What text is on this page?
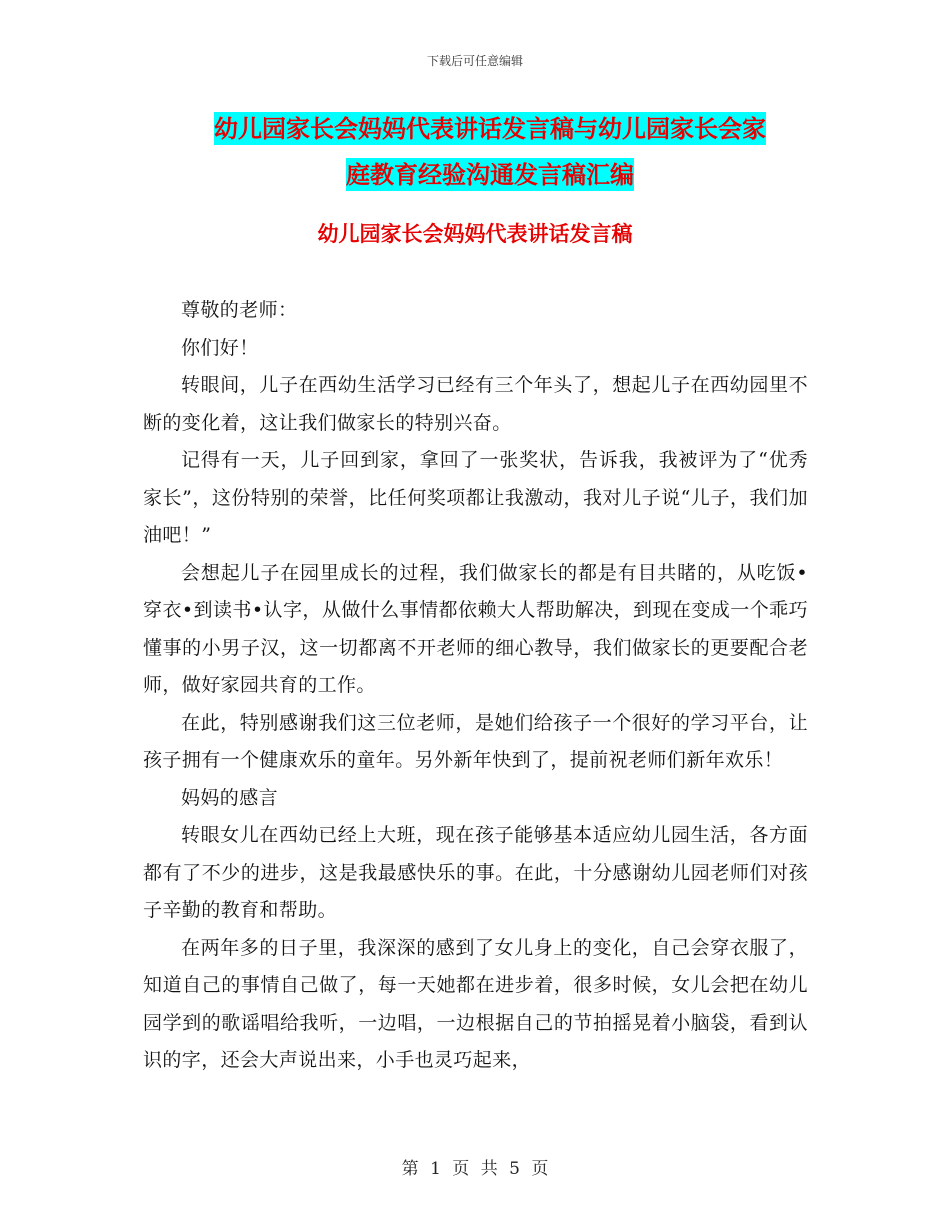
下载后可任意编辑
幼儿园家长会妈妈代表讲话发言稿与幼儿园家长会家
庭教育经验沟通发言稿汇编
幼儿园家长会妈妈代表讲话发言稿

尊敬的老师：

你们好！

转眼间，儿子在西幼生活学习已经有三个年头了，想起儿子在西幼园里不断的变化着，这让我们做家长的特别兴奋。

记得有一天，儿子回到家，拿回了一张奖状，告诉我，我被评为了“优秀家长”，这份特别的荣誉，比任何奖项都让我激动，我对儿子说“儿子，我们加油吧！”

会想起儿子在园里成长的过程，我们做家长的都是有目共睹的，从吃饭•穿衣•到读书•认字，从做什么事情都依赖大人帮助解决，到现在变成一个乖巧懂事的小男子汉，这一切都离不开老师的细心教导，我们做家长的更要配合老师，做好家园共育的工作。

在此，特别感谢我们这三位老师，是她们给孩子一个很好的学习平台，让孩子拥有一个健康欢乐的童年。另外新年快到了，提前祝老师们新年欢乐！

妈妈的感言

转眼女儿在西幼已经上大班，现在孩子能够基本适应幼儿园生活，各方面都有了不少的进步，这是我最感快乐的事。在此，十分感谢幼儿园老师们对孩子辛勤的教育和帮助。

在两年多的日子里，我深深的感到了女儿身上的变化，自己会穿衣服了，知道自己的事情自己做了，每一天她都在进步着，很多时候，女儿会把在幼儿园学到的歌谣唱给我听，一边唱，一边根据自己的节拍摇晃着小脑袋，看到认识的字，还会大声说出来，小手也灵巧起来，

第 1 页 共 5 页
